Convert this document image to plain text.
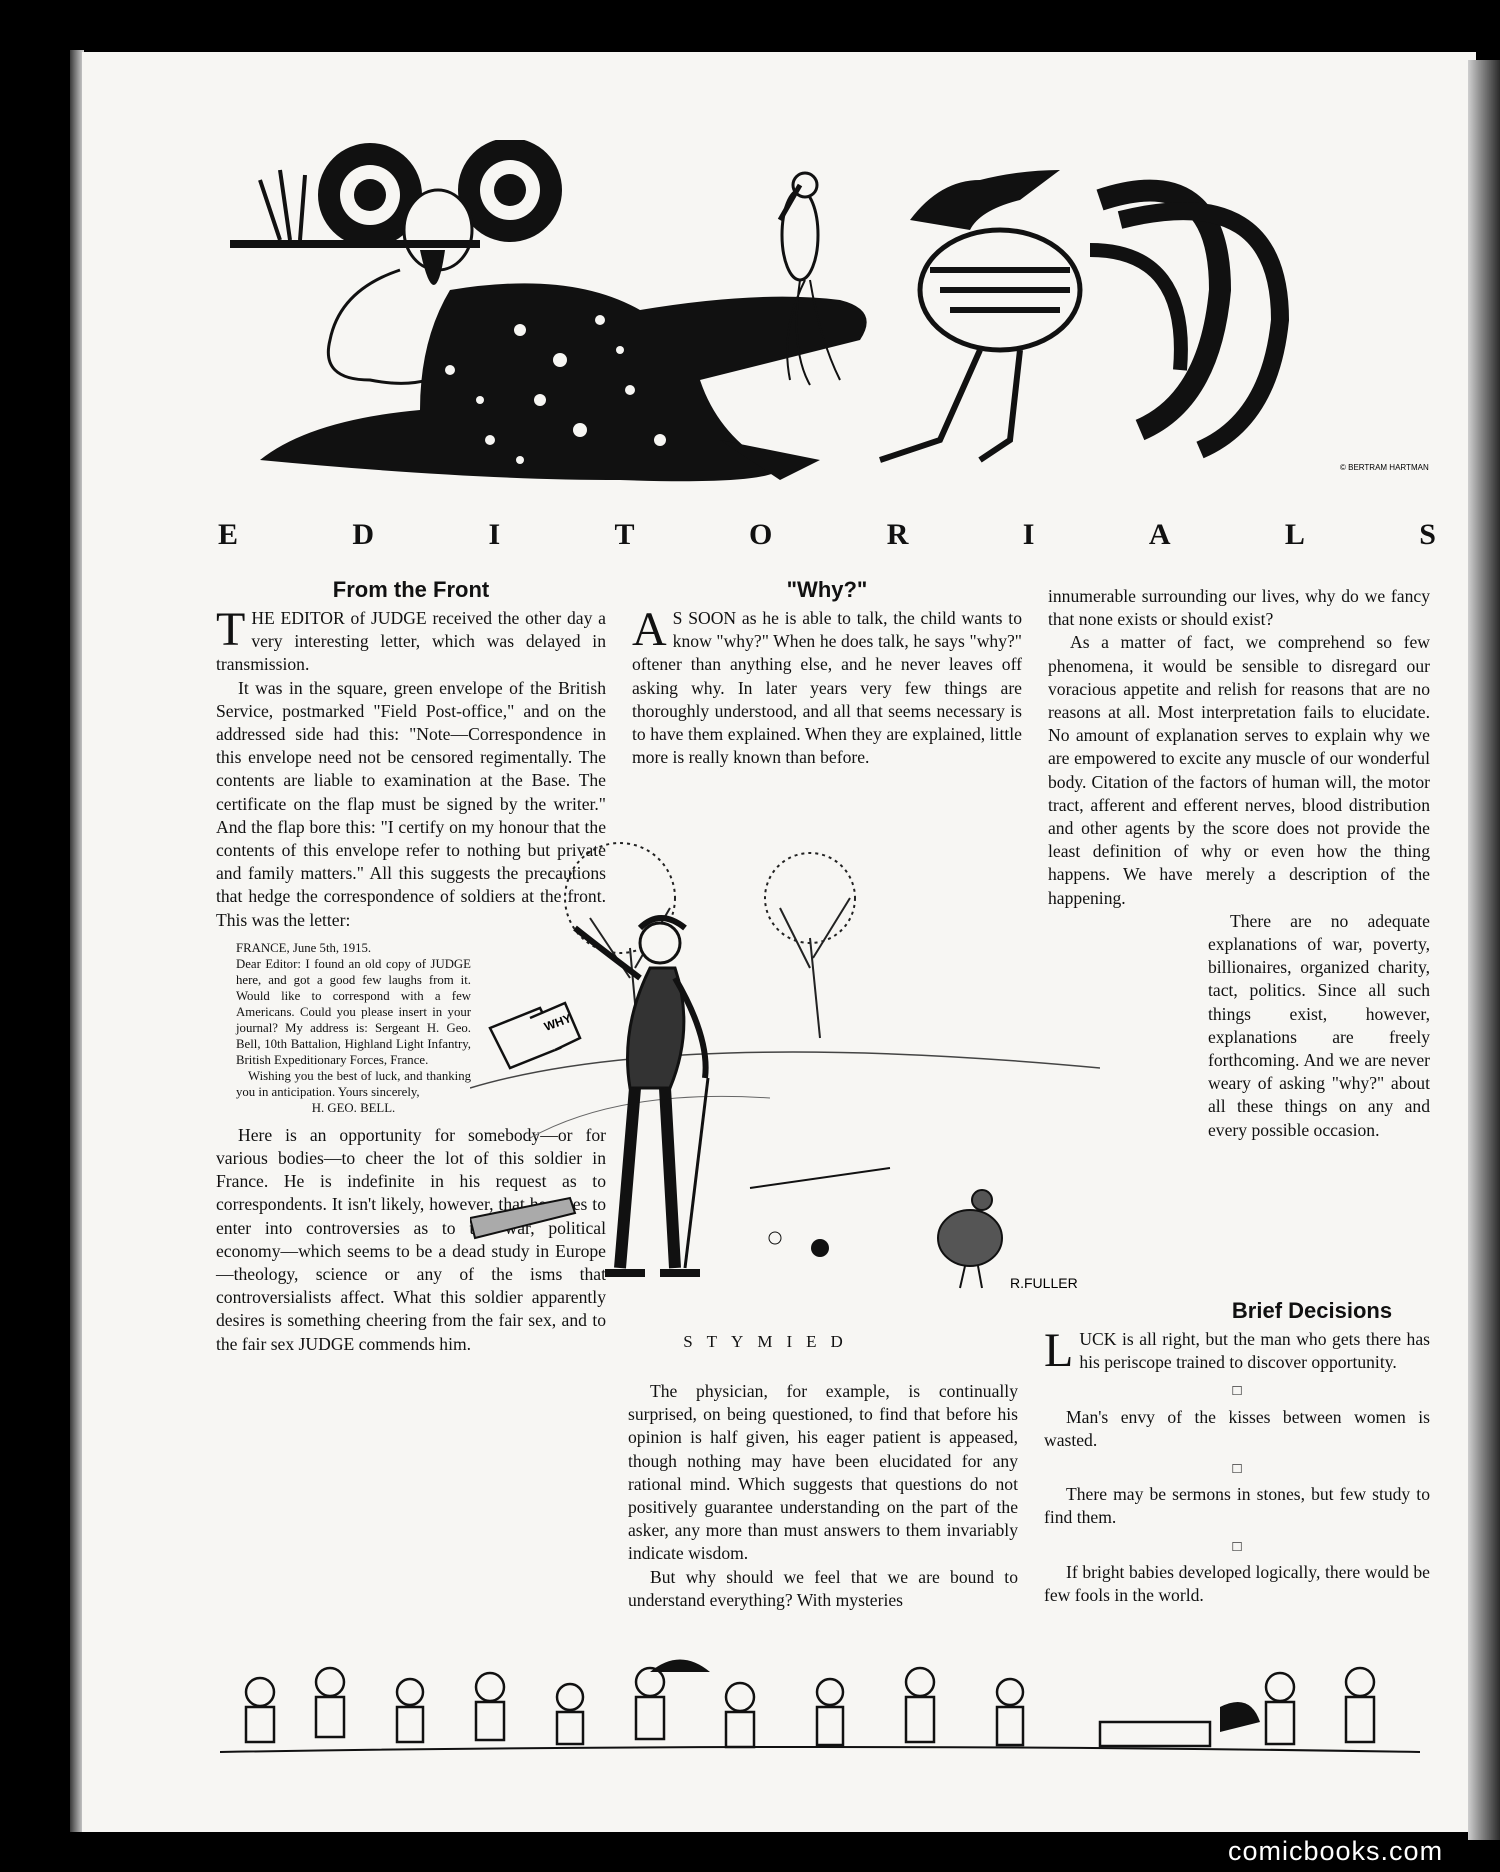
© BERTRAM HARTMAN
E	D	I	T	O	R	I	A	L	S
From the Front

THE EDITOR of JUDGE received the other day a very interesting letter, which was delayed in transmission.

It was in the square, green envelope of the British Service, postmarked "Field Post-office," and on the addressed side had this: "Note—Correspondence in this envelope need not be censored regimentally. The contents are liable to examination at the Base. The certificate on the flap must be signed by the writer." And the flap bore this: "I certify on my honour that the contents of this envelope refer to nothing but private and family matters." All this suggests the precautions that hedge the correspondence of soldiers at the front. This was the letter:

FRANCE, June 5th, 1915.
Dear Editor: I found an old copy of JUDGE here, and got a good few laughs from it. Would like to correspond with a few Americans. Could you please insert in your journal? My address is: Sergeant H. Geo. Bell, 10th Battalion, Highland Light Infantry, British Expeditionary Forces, France.
Wishing you the best of luck, and thanking you in anticipation. Yours sincerely,
H. GEO. BELL.

Here is an opportunity for somebody—or for various bodies—to cheer the lot of this soldier in France. He is indefinite in his request as to correspondents. It isn't likely, however, that he cares to enter into controversies as to the war, political economy—which seems to be a dead study in Europe—theology, science or any of the isms that controversialists affect. What this soldier apparently desires is something cheering from the fair sex, and to the fair sex JUDGE commends him.

"Why?"

A S SOON as he is able to talk, the child wants to know "why?" When he does talk, he says "why?" oftener than anything else, and he never leaves off asking why. In later years very few things are thoroughly understood, and all that seems necessary is to have them explained. When they are explained, little more is really known than before.

The physician, for example, is continually surprised, on being questioned, to find that before his opinion is half given, his eager patient is appeased, though nothing may have been elucidated for any rational mind. Which suggests that questions do not positively guarantee understanding on the part of the asker, any more than must answers to them invariably indicate wisdom.

But why should we feel that we are bound to understand everything? With mysteries

innumerable surrounding our lives, why do we fancy that none exists or should exist?

As a matter of fact, we comprehend so few phenomena, it would be sensible to disregard our voracious appetite and relish for reasons that are no reasons at all. Most interpretation fails to elucidate. No amount of explanation serves to explain why we are empowered to excite any muscle of our wonderful body. Citation of the factors of human will, the motor tract, afferent and efferent nerves, blood distribution and other agents by the score does not provide the least definition of why or even how the thing happens. We have merely a description of the happening.

There are no adequate explanations of war, poverty, billionaires, organized charity, tact, politics. Since all such things exist, however, explanations are freely forthcoming. And we are never weary of asking "why?" about all these things on any and every possible occasion.

Brief Decisions

LUCK is all right, but the man who gets there has his periscope trained to discover opportunity.

□

Man's envy of the kisses between women is wasted.

□

There may be sermons in stones, but few study to find them.

□

If bright babies developed logically, there would be few fools in the world.

WHY
R.FULLER
STYMIED
comicbooks.com
